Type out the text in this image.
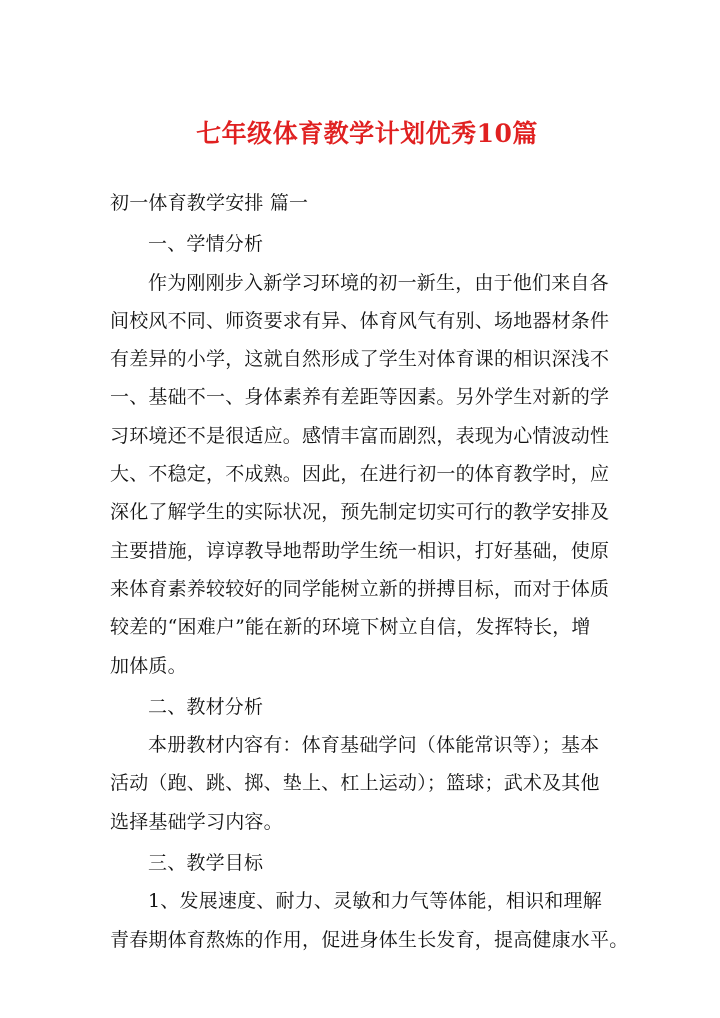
七年级体育教学计划优秀10篇
初一体育教学安排 篇一
一、学情分析
作为刚刚步入新学习环境的初一新生，由于他们来自各
间校风不同、师资要求有异、体育风气有别、场地器材条件
有差异的小学，这就自然形成了学生对体育课的相识深浅不
一、基础不一、身体素养有差距等因素。另外学生对新的学
习环境还不是很适应。感情丰富而剧烈，表现为心情波动性
大、不稳定，不成熟。因此，在进行初一的体育教学时，应
深化了解学生的实际状况，预先制定切实可行的教学安排及
主要措施，谆谆教导地帮助学生统一相识，打好基础，使原
来体育素养较较好的同学能树立新的拼搏目标，而对于体质
较差的“困难户”能在新的环境下树立自信，发挥特长，增
加体质。
二、教材分析
本册教材内容有：体育基础学问（体能常识等）；基本
活动（跑、跳、掷、垫上、杠上运动）；篮球；武术及其他
选择基础学习内容。
三、教学目标
1、发展速度、耐力、灵敏和力气等体能，相识和理解
青春期体育熬炼的作用，促进身体生长发育，提高健康水平。
